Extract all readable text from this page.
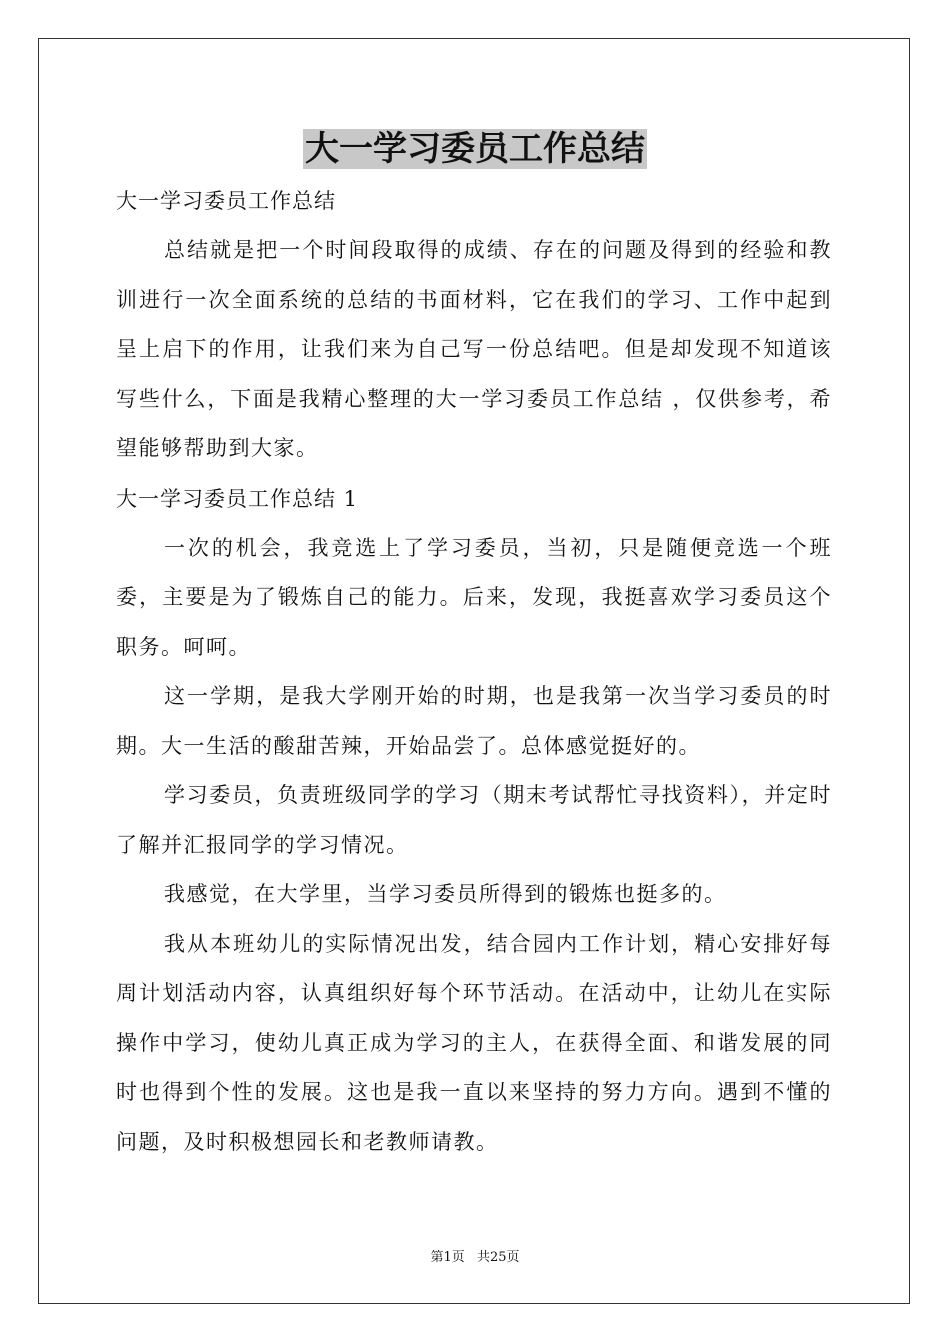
大一学习委员工作总结

大一学习委员工作总结

总结就是把一个时间段取得的成绩、存在的问题及得到的经验和教训进行一次全面系统的总结的书面材料，它在我们的学习、工作中起到呈上启下的作用，让我们来为自己写一份总结吧。但是却发现不知道该写些什么，下面是我精心整理的大一学习委员工作总结 ，仅供参考，希望能够帮助到大家。

大一学习委员工作总结 1

一次的机会，我竞选上了学习委员，当初，只是随便竞选一个班委，主要是为了锻炼自己的能力。后来，发现，我挺喜欢学习委员这个职务。呵呵。

这一学期，是我大学刚开始的时期，也是我第一次当学习委员的时期。大一生活的酸甜苦辣，开始品尝了。总体感觉挺好的。

学习委员，负责班级同学的学习（期末考试帮忙寻找资料），并定时了解并汇报同学的学习情况。

我感觉，在大学里，当学习委员所得到的锻炼也挺多的。

我从本班幼儿的实际情况出发，结合园内工作计划，精心安排好每周计划活动内容，认真组织好每个环节活动。在活动中，让幼儿在实际操作中学习，使幼儿真正成为学习的主人，在获得全面、和谐发展的同时也得到个性的发展。这也是我一直以来坚持的努力方向。遇到不懂的问题，及时积极想园长和老教师请教。

第1页 共25页
